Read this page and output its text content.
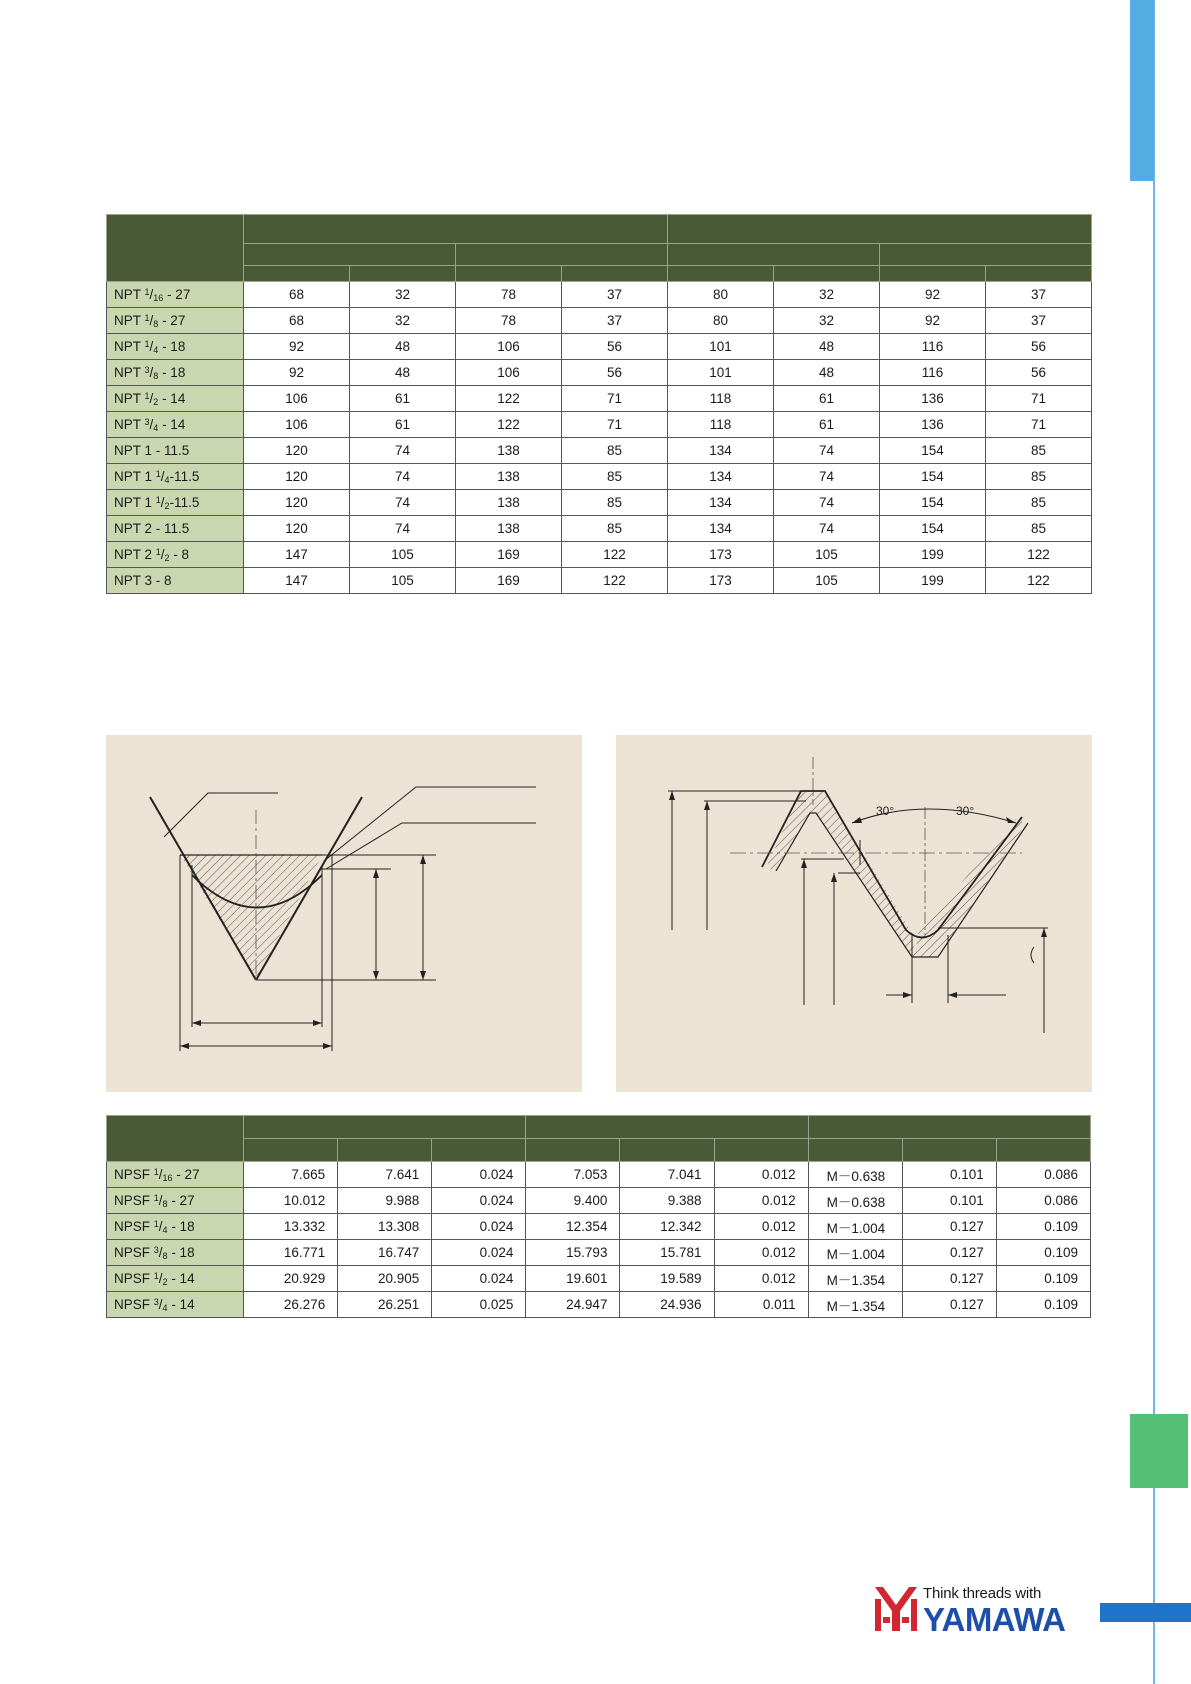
NPT $^1/_{16} - 27$	68	32	78	37	80	32	92	37
NPT $^1/_8 - 27$	68	32	78	37	80	32	92	37
NPT $^1/_4 - 18$	92	48	106	56	101	48	116	56
NPT $^3/_8 - 18$	92	48	106	56	101	48	116	56
NPT $^1/_2 - 14$	106	61	122	71	118	61	136	71
NPT $^3/_4 - 14$	106	61	122	71	118	61	136	71
NPT 1 - 11.5	120	74	138	85	134	74	154	85
NPT 1 $^1/_4-11.5$	120	74	138	85	134	74	154	85
NPT 1 $^1/_2-11.5$	120	74	138	85	134	74	154	85
NPT 2 - 11.5	120	74	138	85	134	74	154	85
NPT 2 $^1/_2 - 8$	147	105	169	122	173	105	199	122
NPT 3 - 8	147	105	169	122	173	105	199	122
30°	30°

NPSF $^1/_{16} - 27$	7.665	7.641	0.024	7.053	7.041	0.012	M－0.638	0.101	0.086
NPSF $^1/_8 - 27$	10.012	9.988	0.024	9.400	9.388	0.012	M－0.638	0.101	0.086
NPSF $^1/_4 - 18$	13.332	13.308	0.024	12.354	12.342	0.012	M－1.004	0.127	0.109
NPSF $^3/_8 - 18$	16.771	16.747	0.024	15.793	15.781	0.012	M－1.004	0.127	0.109
NPSF $^1/_2 - 14$	20.929	20.905	0.024	19.601	19.589	0.012	M－1.354	0.127	0.109
NPSF $^3/_4 - 14$	26.276	26.251	0.025	24.947	24.936	0.011	M－1.354	0.127	0.109
Think threads with
YAMAWA
